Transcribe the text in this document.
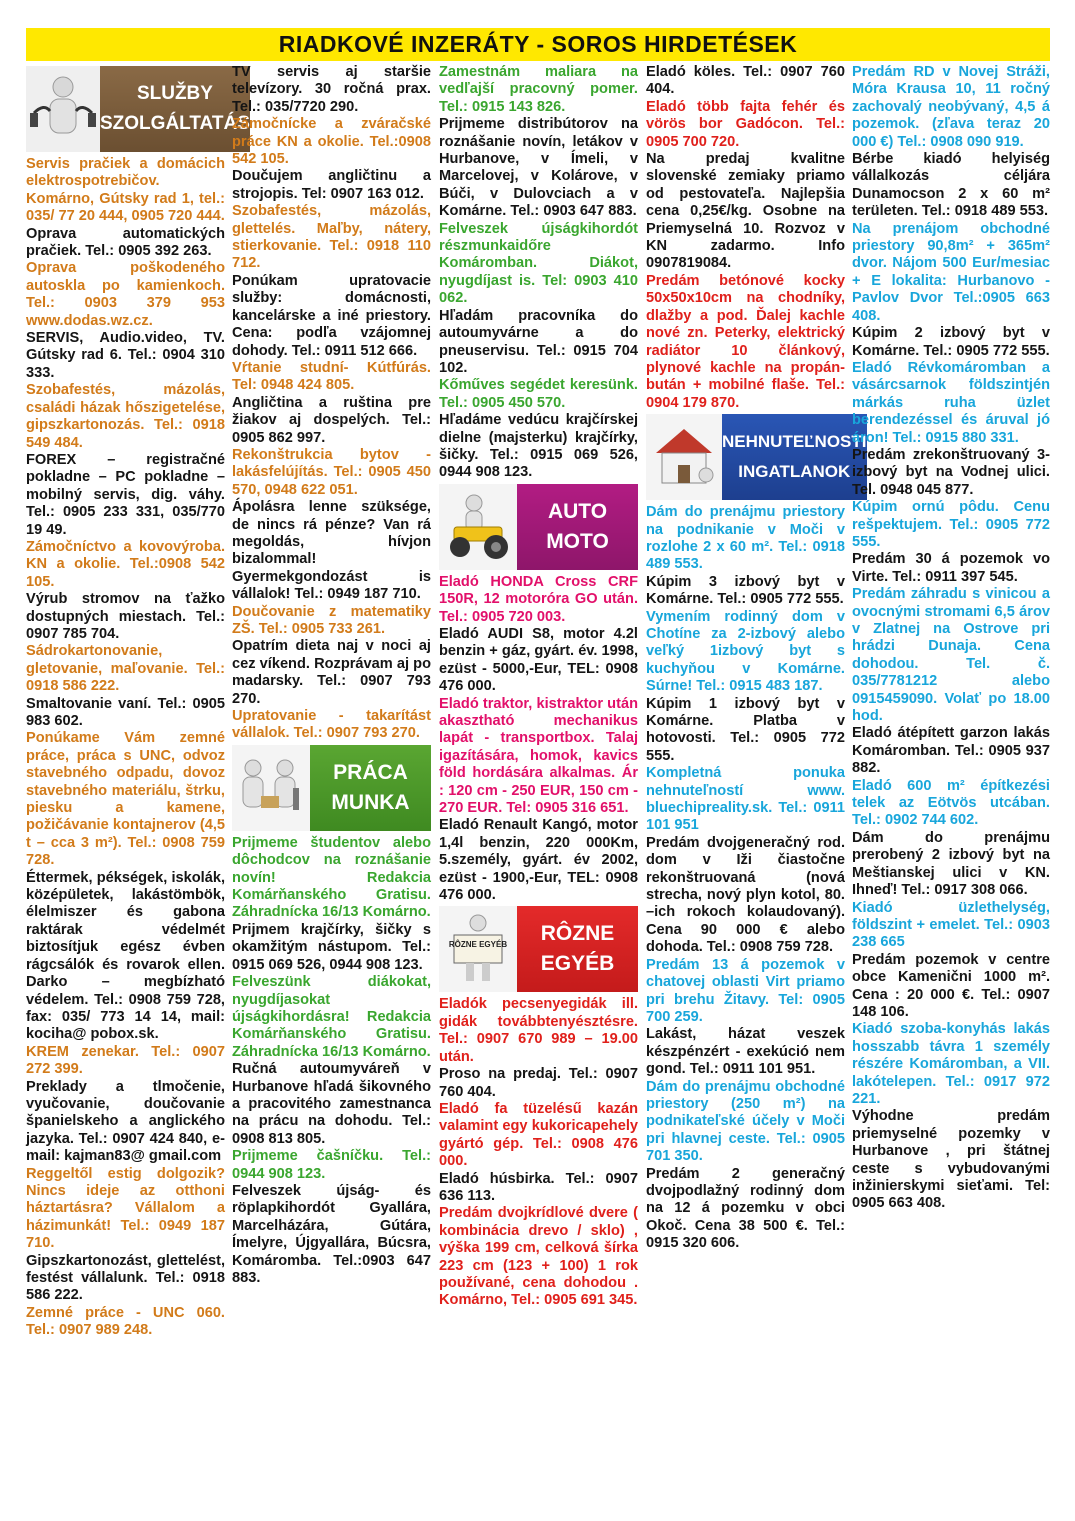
RIADKOVÉ INZERÁTY - SOROS HIRDETÉSEK
SLUŽBY
SZOLGÁLTATÁS

Servis pračiek a domácich elektrospotrebičov. Komárno, Gútsky rad 1, tel.: 035/ 77 20 444, 0905 720 444.

Oprava automatických pračiek. Tel.: 0905 392 263.

Oprava poškodeného autoskla po kamienkoch. Tel.: 0903 379 953 www.dodas.wz.cz.

SERVIS, Audio.video, TV. Gútsky rad 6. Tel.: 0904 310 333.

Szobafestés, mázolás, családi házak hőszigetelése, gipszkartonozás. Tel.: 0918 549 484.

FOREX – registračné pokladne – PC pokladne – mobilný servis, dig. váhy. Tel.: 0905 233 331, 035/770 19 49.

Zámočníctvo a kovovýroba. KN a okolie. Tel.:0908 542 105.

Výrub stromov na ťažko dostupných miestach. Tel.: 0907 785 704.

Sádrokartonovanie, gletovanie, maľovanie. Tel.: 0918 586 222.

Smaltovanie vaní. Tel.: 0905 983 602.

Ponúkame Vám zemné práce, práca s UNC, odvoz stavebného odpadu, dovoz stavebného materiálu, štrku, piesku a kamene, požičávanie kontajnerov (4,5 t – cca 3 m²). Tel.: 0908 759 728.

Éttermek, pékségek, iskolák, középületek, lakástömbök, élelmiszer és gabona raktárak védelmét biztosítjuk egész évben rágcsálók és rovarok ellen. Darko – megbízható védelem. Tel.: 0908 759 728, fax: 035/ 773 14 14, mail: kociha@ pobox.sk.

KREM zenekar. Tel.: 0907 272 399.

Preklady a tlmočenie, vyučovanie, doučovanie španielskeho a anglického jazyka. Tel.: 0907 424 840, e-mail: kajman83@ gmail.com

Reggeltől estig dolgozik? Nincs ideje az otthoni háztartásra? Vállalom a házimunkát! Tel.: 0949 187 710.

Gipszkartonozást, glettelést, festést vállalunk. Tel.: 0918 586 222.

Zemné práce - UNC 060. Tel.: 0907 989 248.

TV servis aj staršie televízory. 30 ročná prax. Tel.: 035/7720 290.

Zámočnícke a zváračské práce KN a okolie. Tel.:0908 542 105.

Doučujem angličtinu a strojopis. Tel: 0907 163 012.

Szobafestés, mázolás, glettelés. Maľby, nátery, stierkovanie. Tel.: 0918 110 712.

Ponúkam upratovacie služby: domácnosti, kancelárske a iné priestory. Cena: podľa vzájomnej dohody. Tel.: 0911 512 666.

Vŕtanie studní- Kútfúrás. Tel: 0948 424 805.

Angličtina a ruština pre žiakov aj dospelých. Tel.: 0905 862 997.

Rekonštrukcia bytov - lakásfelújítás. Tel.: 0905 450 570, 0948 622 051.

Ápolásra lenne szüksége, de nincs rá pénze? Van rá megoldás, hívjon bizalommal! Gyermekgondozást is vállalok! Tel.: 0949 187 710.

Doučovanie z matematiky ZŠ. Tel.: 0905 733 261.

Opatrím dieta naj v noci aj cez víkend. Rozprávam aj po madarsky. Tel.: 0907 793 270.

Upratovanie - takarítást vállalok. Tel.: 0907 793 270.

PRÁCA
MUNKA

Prijmeme študentov alebo dôchodcov na roznášanie novín! Redakcia Komárňanského Gratisu. Záhradnícka 16/13 Komárno.

Prijmem krajčírky, šičky s okamžitým nástupom. Tel.: 0915 069 526, 0944 908 123.

Felveszünk diákokat, nyugdíjasokat újságkihordásra! Redakcia Komárňanského Gratisu. Záhradnícka 16/13 Komárno.

Ručná autoumyváreň v Hurbanove hľadá šikovného a pracovitého zamestnanca na prácu na dohodu. Tel.: 0908 813 805.

Prijmeme čašníčku. Tel.: 0944 908 123.

Felveszek újság- és röplapkihordót Gyallára, Marcelházára, Gútára, Ímelyre, Újgyallára, Búcsra, Komáromba. Tel.:0903 647 883.

Zamestnám maliara na vedľajší pracovný pomer. Tel.: 0915 143 826.

Prijmeme distribútorov na roznášanie novín, letákov v Hurbanove, v Ímeli, v Marcelovej, v Kolárove, v Búči, v Dulovciach a v Komárne. Tel.: 0903 647 883.

Felveszek újságkihordót részmunkaidőre Komáromban. Diákot, nyugdíjast is. Tel: 0903 410 062.

Hľadám pracovníka do autoumyvárne a do pneuservisu. Tel.: 0915 704 102.

Kőműves segédet keresünk. Tel.: 0905 450 570.

Hľadáme vedúcu krajčírskej dielne (majsterku) krajčírky, šičky. Tel.: 0915 069 526, 0944 908 123.

AUTO
MOTO

Eladó HONDA Cross CRF 150R, 12 motoróra GO után. Tel.: 0905 720 003.

Eladó AUDI S8, motor 4.2l benzin + gáz, gyárt. év. 1998, ezüst - 5000,-Eur, TEL: 0908 476 000.

Eladó traktor, kistraktor után akasztható mechanikus lapát - transportbox. Talaj igazítására, homok, kavics föld hordására alkalmas. Ár : 120 cm - 250 EUR, 150 cm - 270 EUR. Tel: 0905 316 651.

Eladó Renault Kangó, motor 1,4l benzin, 220 000Km, 5.személy, gyárt. év 2002, ezüst - 1900,-Eur, TEL: 0908 476 000.

RÔZNE EGYÉB RÔZNE
EGYÉB

Eladók pecsenyegidák ill. gidák továbbtenyésztésre. Tel.: 0907 670 989 – 19.00 után.

Proso na predaj. Tel.: 0907 760 404.

Eladó fa tüzelésű kazán valamint egy kukoricapehely gyártó gép. Tel.: 0908 476 000.

Eladó húsbirka. Tel.: 0907 636 113.

Predám dvojkrídlové dvere ( kombinácia drevo / sklo) , výška 199 cm, celková šírka 223 cm (123 + 100) 1 rok používané, cena dohodou . Komárno, Tel.: 0905 691 345.

Eladó köles. Tel.: 0907 760 404.

Eladó több fajta fehér és vörös bor Gadócon. Tel.: 0905 700 720.

Na predaj kvalitne slovenské zemiaky priamo od pestovateľa. Najlepšia cena 0,25€/kg. Osobne na Priemyselná 10. Rozvoz v KN zadarmo. Info 0907819084.

Predám betónové kocky 50x50x10cm na chodníky, dlažby a pod. Ďalej kachle nové zn. Peterky, elektrický radiátor 10 článkový, plynové kachle na propán-bután + mobilné flaše. Tel.: 0904 179 870.

NEHNUTEĽNOSTI
INGATLANOK

Dám do prenájmu priestory na podnikanie v Moči v rozlohe 2 x 60 m². Tel.: 0918 489 553.

Kúpim 3 izbový byt v Komárne. Tel.: 0905 772 555.

Vymením rodinný dom v Chotíne za 2-izbový alebo veľký 1izbový byt s kuchyňou v Komárne. Súrne! Tel.: 0915 483 187.

Kúpim 1 izbový byt v Komárne. Platba v hotovosti. Tel.: 0905 772 555.

Kompletná ponuka nehnuteľností www. bluechipreality.sk. Tel.: 0911 101 951

Predám dvojgeneračný rod. dom v Iži čiastočne rekonštruovaná (nová strecha, nový plyn kotol, 80. –ich rokoch kolaudovaný). Cena 90 000 € alebo dohoda. Tel.: 0908 759 728.

Predám 13 á pozemok v chatovej oblasti Virt priamo pri brehu Žitavy. Tel: 0905 700 259.

Lakást, házat veszek készpénzért - exekúció nem gond. Tel.: 0911 101 951.

Dám do prenájmu obchodné priestory (250 m²) na podnikateľské účely v Moči pri hlavnej ceste. Tel.: 0905 701 350.

Predám 2 generačný dvojpodlažný rodinný dom na 12 á pozemku v obci Okoč. Cena 38 500 €. Tel.: 0915 320 606.

Predám RD v Novej Stráži, Móra Krausa 10, 11 ročný zachovalý neobývaný, 4,5 á pozemok. (zľava teraz 20 000 €) Tel.: 0908 090 919.

Bérbe kiadó helyiség vállalkozás céljára Dunamocson 2 x 60 m² területen. Tel.: 0918 489 553.

Na prenájom obchodné priestory 90,8m² + 365m² dvor. Nájom 500 Eur/mesiac + E lokalita: Hurbanovo - Pavlov Dvor Tel.:0905 663 408.

Kúpim 2 izbový byt v Komárne. Tel.: 0905 772 555.

Eladó Révkomáromban a vásárcsarnok földszintjén márkás ruha üzlet berendezéssel és áruval jó áron! Tel.: 0915 880 331.

Predám zrekonštruovaný 3-izbový byt na Vodnej ulici. Tel. 0948 045 877.

Kúpim ornú pôdu. Cenu rešpektujem. Tel.: 0905 772 555.

Predám 30 á pozemok vo Virte. Tel.: 0911 397 545.

Predám záhradu s vinicou a ovocnými stromami 6,5 árov v Zlatnej na Ostrove pri hrádzi Dunaja. Cena dohodou. Tel. č. 035/7781212 alebo 0915459090. Volať po 18.00 hod.

Eladó átépített garzon lakás Komáromban. Tel.: 0905 937 882.

Eladó 600 m² építkezési telek az Eötvös utcában. Tel.: 0902 744 602.

Dám do prenájmu prerobený 2 izbový byt na Meštianskej ulici v KN. Ihneď! Tel.: 0917 308 066.

Kiadó üzlethelység, földszint + emelet. Tel.: 0903 238 665

Predám pozemok v centre obce Kamenični 1000 m². Cena : 20 000 €. Tel.: 0907 148 106.

Kiadó szoba-konyhás lakás hosszabb távra 1 személy részére Komáromban, a VII. lakótelepen. Tel.: 0917 972 221.

Výhodne predám priemyselné pozemky v Hurbanove , pri štátnej ceste s vybudovanými inžinierskymi sieťami. Tel: 0905 663 408.
